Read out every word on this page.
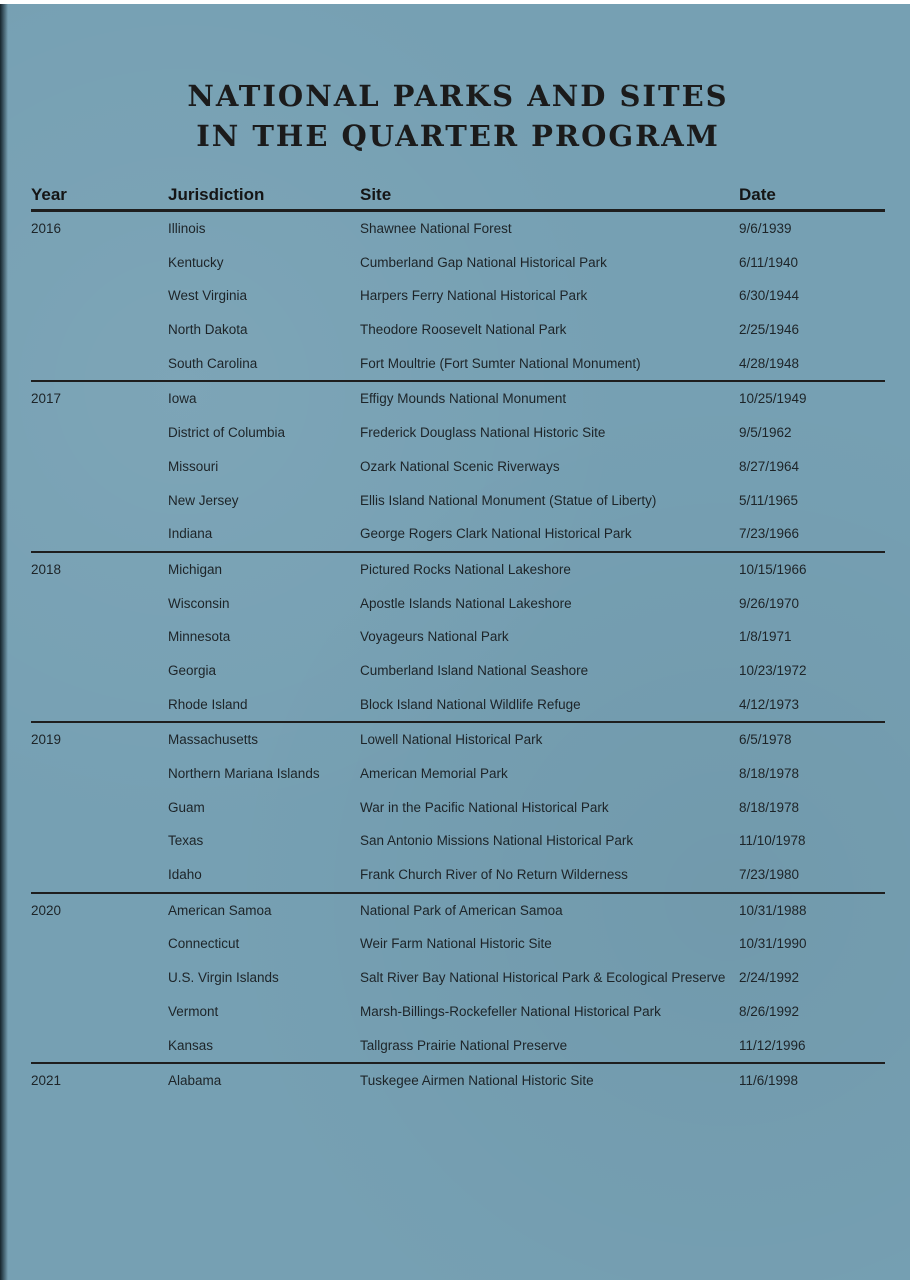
NATIONAL PARKS AND SITES
IN THE QUARTER PROGRAM
Year	Jurisdiction	Site	Date
2016	Illinois	Shawnee National Forest	9/6/1939
Kentucky	Cumberland Gap National Historical Park	6/11/1940
West Virginia	Harpers Ferry National Historical Park	6/30/1944
North Dakota	Theodore Roosevelt National Park	2/25/1946
South Carolina	Fort Moultrie (Fort Sumter National Monument)	4/28/1948
2017	Iowa	Effigy Mounds National Monument	10/25/1949
District of Columbia	Frederick Douglass National Historic Site	9/5/1962
Missouri	Ozark National Scenic Riverways	8/27/1964
New Jersey	Ellis Island National Monument (Statue of Liberty)	5/11/1965
Indiana	George Rogers Clark National Historical Park	7/23/1966
2018	Michigan	Pictured Rocks National Lakeshore	10/15/1966
Wisconsin	Apostle Islands National Lakeshore	9/26/1970
Minnesota	Voyageurs National Park	1/8/1971
Georgia	Cumberland Island National Seashore	10/23/1972
Rhode Island	Block Island National Wildlife Refuge	4/12/1973
2019	Massachusetts	Lowell National Historical Park	6/5/1978
Northern Mariana Islands	American Memorial Park	8/18/1978
Guam	War in the Pacific National Historical Park	8/18/1978
Texas	San Antonio Missions National Historical Park	11/10/1978
Idaho	Frank Church River of No Return Wilderness	7/23/1980
2020	American Samoa	National Park of American Samoa	10/31/1988
Connecticut	Weir Farm National Historic Site	10/31/1990
U.S. Virgin Islands	Salt River Bay National Historical Park & Ecological Preserve 2/24/1992
Vermont	Marsh-Billings-Rockefeller National Historical Park	8/26/1992
Kansas	Tallgrass Prairie National Preserve	11/12/1996
2021	Alabama	Tuskegee Airmen National Historic Site	11/6/1998
